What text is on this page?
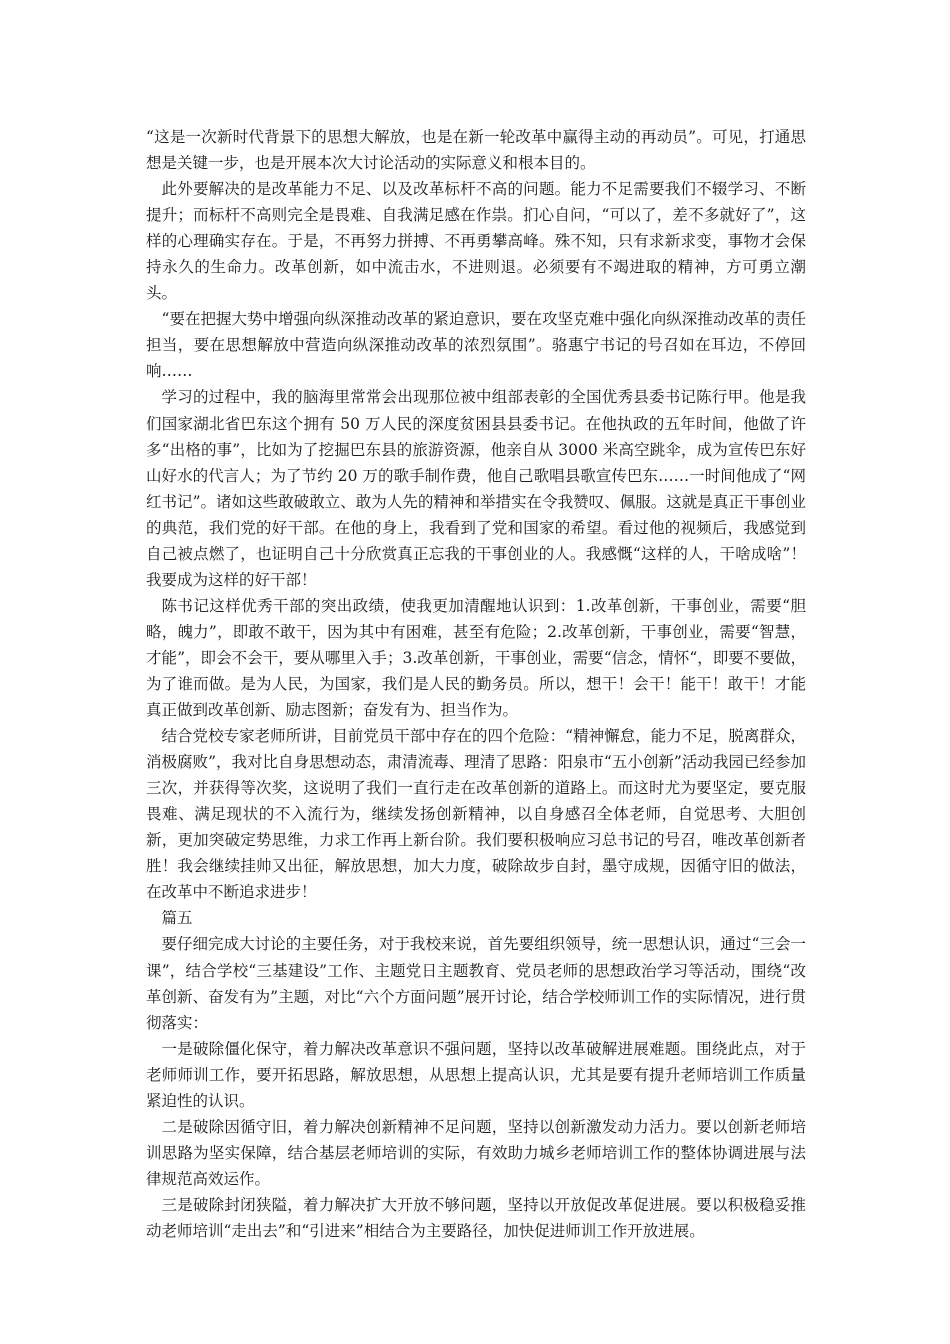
“这是一次新时代背景下的思想大解放，也是在新一轮改革中赢得主动的再动员”。可见，打通思想是关键一步，也是开展本次大讨论活动的实际意义和根本目的。

此外要解决的是改革能力不足、以及改革标杆不高的问题。能力不足需要我们不辍学习、不断提升；而标杆不高则完全是畏难、自我满足感在作祟。扪心自问，“可以了，差不多就好了”，这样的心理确实存在。于是，不再努力拼搏、不再勇攀高峰。殊不知，只有求新求变，事物才会保持永久的生命力。改革创新，如中流击水，不进则退。必须要有不竭进取的精神，方可勇立潮头。

“要在把握大势中增强向纵深推动改革的紧迫意识，要在攻坚克难中强化向纵深推动改革的责任担当，要在思想解放中营造向纵深推动改革的浓烈氛围”。骆惠宁书记的号召如在耳边，不停回响……

学习的过程中，我的脑海里常常会出现那位被中组部表彰的全国优秀县委书记陈行甲。他是我们国家湖北省巴东这个拥有 50 万人民的深度贫困县县委书记。在他执政的五年时间，他做了许多“出格的事”，比如为了挖掘巴东县的旅游资源，他亲自从 3000 米高空跳伞，成为宣传巴东好山好水的代言人；为了节约 20 万的歌手制作费，他自己歌唱县歌宣传巴东……一时间他成了“网红书记”。诸如这些敢破敢立、敢为人先的精神和举措实在令我赞叹、佩服。这就是真正干事创业的典范，我们党的好干部。在他的身上，我看到了党和国家的希望。看过他的视频后，我感觉到自己被点燃了，也证明自己十分欣赏真正忘我的干事创业的人。我感慨“这样的人，干啥成啥”！我要成为这样的好干部！

陈书记这样优秀干部的突出政绩，使我更加清醒地认识到：1.改革创新，干事创业，需要“胆略，魄力”，即敢不敢干，因为其中有困难，甚至有危险；2.改革创新，干事创业，需要“智慧，才能”，即会不会干，要从哪里入手；3.改革创新，干事创业，需要“信念，情怀“，即要不要做，为了谁而做。是为人民，为国家，我们是人民的勤务员。所以，想干！会干！能干！敢干！才能真正做到改革创新、励志图新；奋发有为、担当作为。

结合党校专家老师所讲，目前党员干部中存在的四个危险：“精神懈怠，能力不足，脱离群众，消极腐败”，我对比自身思想动态，肃清流毒、理清了思路：阳泉市“五小创新”活动我园已经参加三次，并获得等次奖，这说明了我们一直行走在改革创新的道路上。而这时尤为要坚定，要克服畏难、满足现状的不入流行为，继续发扬创新精神，以自身感召全体老师，自觉思考、大胆创新，更加突破定势思维，力求工作再上新台阶。我们要积极响应习总书记的号召，唯改革创新者胜！我会继续挂帅又出征，解放思想，加大力度，破除故步自封，墨守成规，因循守旧的做法，在改革中不断追求进步！

篇五

要仔细完成大讨论的主要任务，对于我校来说，首先要组织领导，统一思想认识，通过“三会一课”，结合学校“三基建设”工作、主题党日主题教育、党员老师的思想政治学习等活动，围绕“改革创新、奋发有为”主题，对比“六个方面问题”展开讨论，结合学校师训工作的实际情况，进行贯彻落实：

一是破除僵化保守，着力解决改革意识不强问题，坚持以改革破解进展难题。围绕此点，对于老师师训工作，要开拓思路，解放思想，从思想上提高认识，尤其是要有提升老师培训工作质量紧迫性的认识。

二是破除因循守旧，着力解决创新精神不足问题，坚持以创新激发动力活力。要以创新老师培训思路为坚实保障，结合基层老师培训的实际，有效助力城乡老师培训工作的整体协调进展与法律规范高效运作。

三是破除封闭狭隘，着力解决扩大开放不够问题，坚持以开放促改革促进展。要以积极稳妥推动老师培训“走出去”和“引进来”相结合为主要路径，加快促进师训工作开放进展。
